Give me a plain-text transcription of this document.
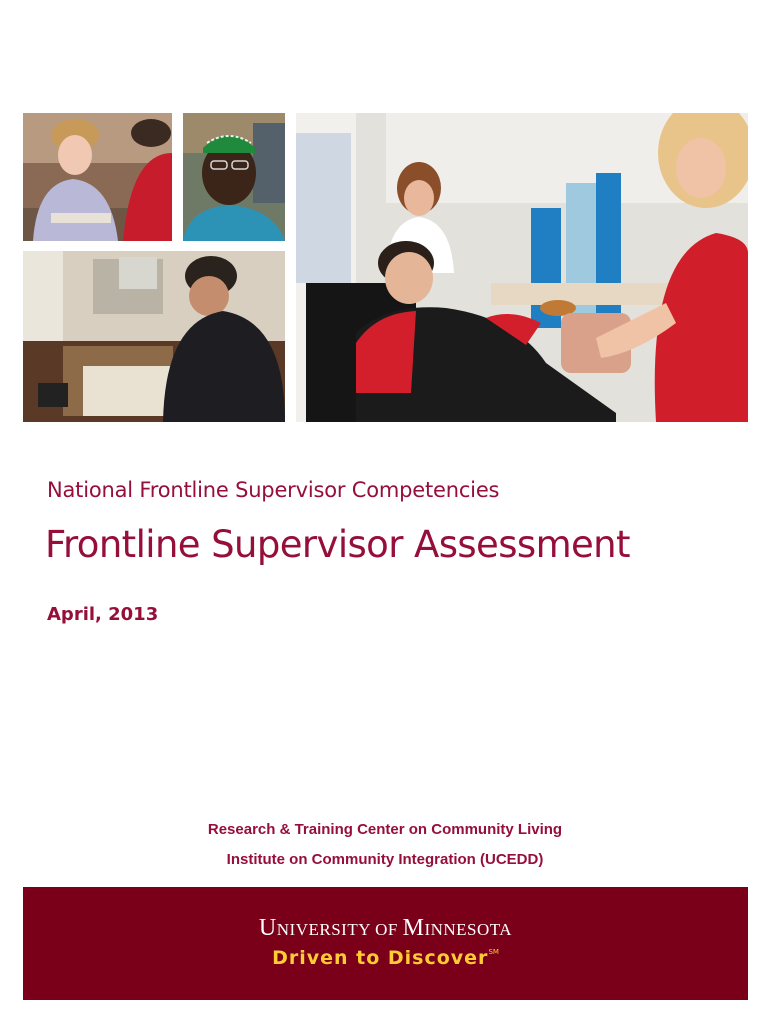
National Frontline Supervisor Competencies
Frontline Supervisor Assessment
April, 2013
Research & Training Center on Community Living
Institute on Community Integration (UCEDD)
UNIVERSITY OF MINNESOTA
Driven to Discover℠
